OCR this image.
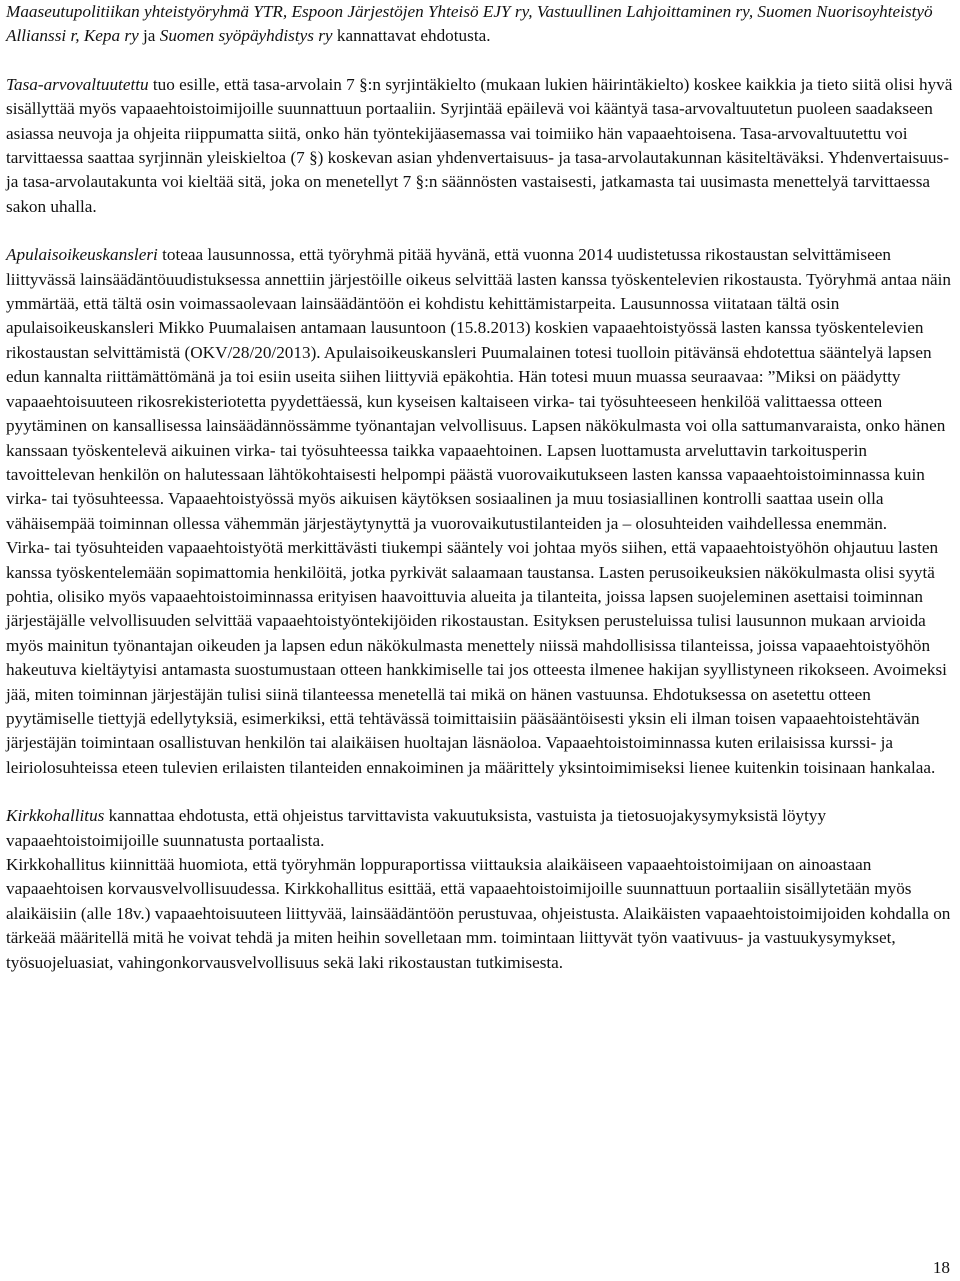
Maaseutupolitiikan yhteistyöryhmä YTR, Espoon Järjestöjen Yhteisö EJY ry, Vastuullinen Lahjoittaminen ry, Suomen Nuorisoyhteistyö Allianssi r, Kepa ry ja Suomen syöpäyhdistys ry kannattavat ehdotusta.

Tasa-arvovaltuutettu tuo esille, että tasa-arvolain 7 §:n syrjintäkielto (mukaan lukien häirintäkielto) koskee kaikkia ja tieto siitä olisi hyvä sisällyttää myös vapaaehtoistoimijoille suunnattuun portaaliin. Syrjintää epäilevä voi kääntyä tasa-arvovaltuutetun puoleen saadakseen asiassa neuvoja ja ohjeita riippumatta siitä, onko hän työntekijäasemassa vai toimiiko hän vapaaehtoisena. Tasa-arvovaltuutettu voi tarvittaessa saattaa syrjinnän yleiskieltoa (7 §) koskevan asian yhdenvertaisuus- ja tasa-arvolautakunnan käsiteltäväksi. Yhdenvertaisuus- ja tasa-arvolautakunta voi kieltää sitä, joka on menetellyt 7 §:n säännösten vastaisesti, jatkamasta tai uusimasta menettelyä tarvittaessa sakon uhalla.

Apulaisoikeuskansleri toteaa lausunnossa, että työryhmä pitää hyvänä, että vuonna 2014 uudistetussa rikostaustan selvittämiseen liittyvässä lainsäädäntöuudistuksessa annettiin järjestöille oikeus selvittää lasten kanssa työskentelevien rikostausta. Työryhmä antaa näin ymmärtää, että tältä osin voimassaolevaan lainsäädäntöön ei kohdistu kehittämistarpeita. Lausunnossa viitataan tältä osin apulaisoikeuskansleri Mikko Puumalaisen antamaan lausuntoon (15.8.2013) koskien vapaaehtoistyössä lasten kanssa työskentelevien rikostaustan selvittämistä (OKV/28/20/2013). Apulaisoikeuskansleri Puumalainen totesi tuolloin pitävänsä ehdotettua sääntelyä lapsen edun kannalta riittämättömänä ja toi esiin useita siihen liittyviä epäkohtia. Hän totesi muun muassa seuraavaa: ”Miksi on päädytty vapaaehtoisuuteen rikosrekisteriotetta pyydettäessä, kun kyseisen kaltaiseen virka- tai työsuhteeseen henkilöä valittaessa otteen pyytäminen on kansallisessa lainsäädännössämme työnantajan velvollisuus. Lapsen näkökulmasta voi olla sattumanvaraista, onko hänen kanssaan työskentelevä aikuinen virka- tai työsuhteessa taikka vapaaehtoinen. Lapsen luottamusta arveluttavin tarkoitusperin tavoittelevan henkilön on halutessaan lähtökohtaisesti helpompi päästä vuorovaikutukseen lasten kanssa vapaaehtoistoiminnassa kuin virka- tai työsuhteessa. Vapaaehtoistyössä myös aikuisen käytöksen sosiaalinen ja muu tosiasiallinen kontrolli saattaa usein olla vähäisempää toiminnan ollessa vähemmän järjestäytynyttä ja vuorovaikutustilanteiden ja – olosuhteiden vaihdellessa enemmän.

Virka- tai työsuhteiden vapaaehtoistyötä merkittävästi tiukempi sääntely voi johtaa myös siihen, että vapaaehtoistyöhön ohjautuu lasten kanssa työskentelemään sopimattomia henkilöitä, jotka pyrkivät salaamaan taustansa. Lasten perusoikeuksien näkökulmasta olisi syytä pohtia, olisiko myös vapaaehtoistoiminnassa erityisen haavoittuvia alueita ja tilanteita, joissa lapsen suojeleminen asettaisi toiminnan järjestäjälle velvollisuuden selvittää vapaaehtoistyöntekijöiden rikostaustan. Esityksen perusteluissa tulisi lausunnon mukaan arvioida myös mainitun työnantajan oikeuden ja lapsen edun näkökulmasta menettely niissä mahdollisissa tilanteissa, joissa vapaaehtoistyöhön hakeutuva kieltäytyisi antamasta suostumustaan otteen hankkimiselle tai jos otteesta ilmenee hakijan syyllistyneen rikokseen. Avoimeksi jää, miten toiminnan järjestäjän tulisi siinä tilanteessa menetellä tai mikä on hänen vastuunsa. Ehdotuksessa on asetettu otteen pyytämiselle tiettyjä edellytyksiä, esimerkiksi, että tehtävässä toimittaisiin pääsääntöisesti yksin eli ilman toisen vapaaehtoistehtävän järjestäjän toimintaan osallistuvan henkilön tai alaikäisen huoltajan läsnäoloa. Vapaaehtoistoiminnassa kuten erilaisissa kurssi- ja leiriolosuhteissa eteen tulevien erilaisten tilanteiden ennakoiminen ja määrittely yksintoimimiseksi lienee kuitenkin toisinaan hankalaa.

Kirkkohallitus kannattaa ehdotusta, että ohjeistus tarvittavista vakuutuksista, vastuista ja tietosuojakysymyksistä löytyy vapaaehtoistoimijoille suunnatusta portaalista.

Kirkkohallitus kiinnittää huomiota, että työryhmän loppuraportissa viittauksia alaikäiseen vapaaehtoistoimijaan on ainoastaan vapaaehtoisen korvausvelvollisuudessa. Kirkkohallitus esittää, että vapaaehtoistoimijoille suunnattuun portaaliin sisällytetään myös alaikäisiin (alle 18v.) vapaaehtoisuuteen liittyvää, lainsäädäntöön perustuvaa, ohjeistusta. Alaikäisten vapaaehtoistoimijoiden kohdalla on tärkeää määritellä mitä he voivat tehdä ja miten heihin sovelletaan mm. toimintaan liittyvät työn vaativuus- ja vastuukysymykset, työsuojeluasiat, vahingonkorvausvelvollisuus sekä laki rikostaustan tutkimisesta.

18
